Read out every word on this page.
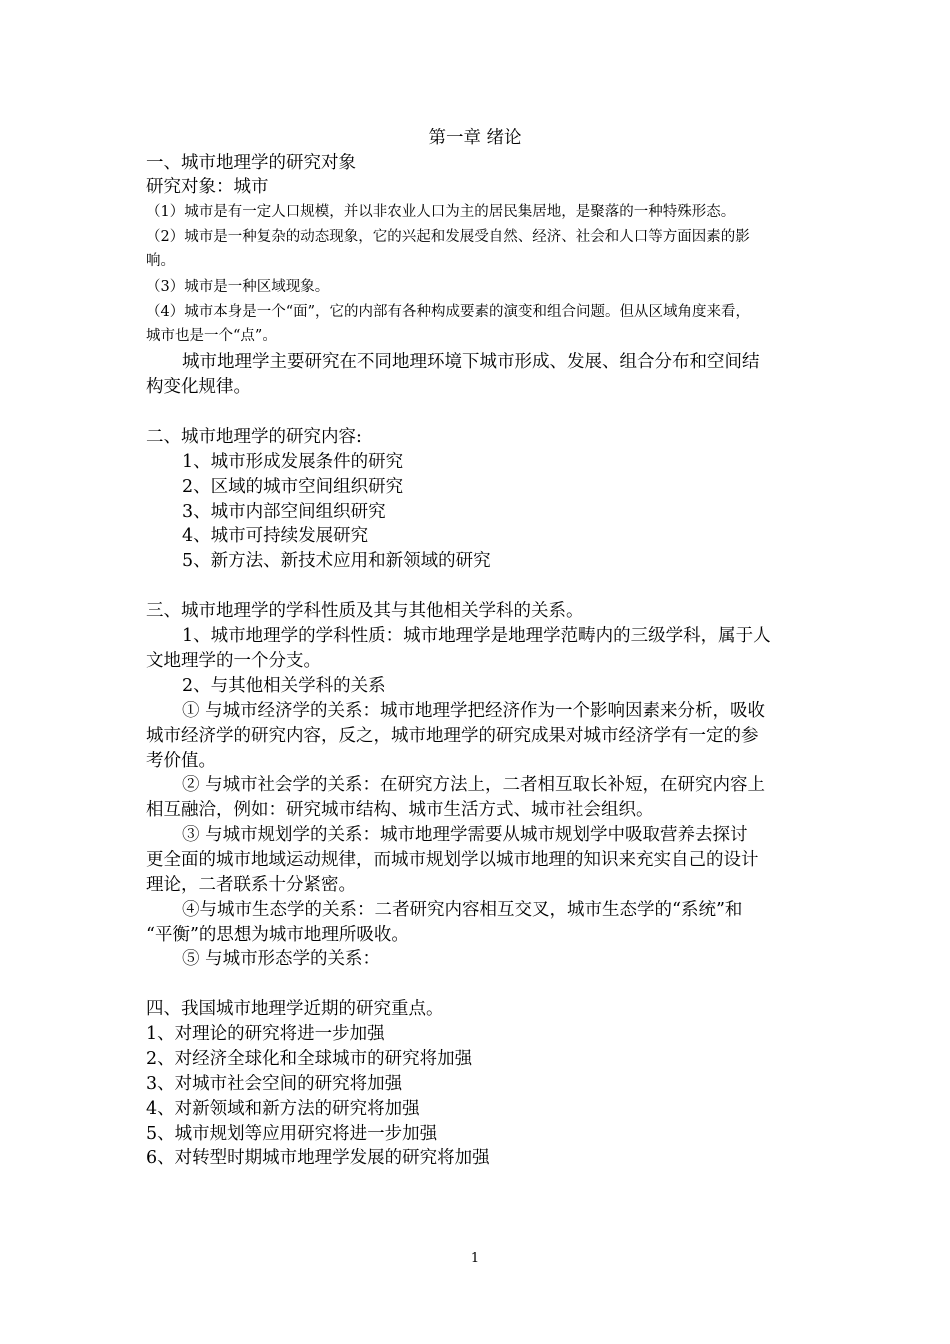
第一章 绪论
一、城市地理学的研究对象
研究对象：城市
（1）城市是有一定人口规模，并以非农业人口为主的居民集居地，是聚落的一种特殊形态。
（2）城市是一种复杂的动态现象，它的兴起和发展受自然、经济、社会和人口等方面因素的影
响。
（3）城市是一种区域现象。
（4）城市本身是一个“面”，它的内部有各种构成要素的演变和组合问题。但从区域角度来看，
城市也是一个“点”。
城市地理学主要研究在不同地理环境下城市形成、发展、组合分布和空间结
构变化规律。
二、城市地理学的研究内容:
1、城市形成发展条件的研究
2、区域的城市空间组织研究
3、城市内部空间组织研究
4、城市可持续发展研究
5、新方法、新技术应用和新领域的研究
三、城市地理学的学科性质及其与其他相关学科的关系。
1、城市地理学的学科性质：城市地理学是地理学范畴内的三级学科，属于人
文地理学的一个分支。
2、与其他相关学科的关系
① 与城市经济学的关系：城市地理学把经济作为一个影响因素来分析，吸收
城市经济学的研究内容，反之，城市地理学的研究成果对城市经济学有一定的参
考价值。
② 与城市社会学的关系：在研究方法上，二者相互取长补短，在研究内容上
相互融洽，例如：研究城市结构、城市生活方式、城市社会组织。
③ 与城市规划学的关系：城市地理学需要从城市规划学中吸取营养去探讨
更全面的城市地域运动规律，而城市规划学以城市地理的知识来充实自己的设计
理论，二者联系十分紧密。
④与城市生态学的关系：二者研究内容相互交叉，城市生态学的“系统”和
“平衡”的思想为城市地理所吸收。
⑤ 与城市形态学的关系：
四、我国城市地理学近期的研究重点。
1、对理论的研究将进一步加强
2、对经济全球化和全球城市的研究将加强
3、对城市社会空间的研究将加强
4、对新领域和新方法的研究将加强
5、城市规划等应用研究将进一步加强
6、对转型时期城市地理学发展的研究将加强
1
